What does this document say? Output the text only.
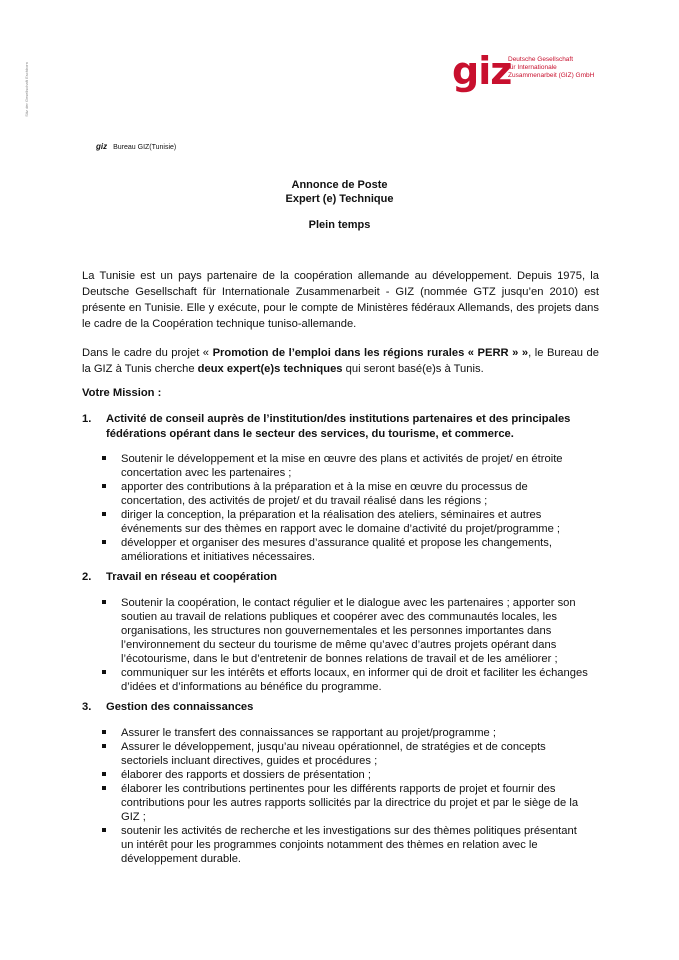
Sitz der Gesellschaft Eschborn	giz
Deutsche Gesellschaft
für Internationale
Zusammenarbeit (GIZ) GmbH
giz Bureau GIZ(Tunisie)
Annonce de Poste
Expert (e) Technique
Plein temps
La Tunisie est un pays partenaire de la coopération allemande au développement. Depuis 1975, la Deutsche Gesellschaft für Internationale Zusammenarbeit - GIZ (nommée GTZ jusqu’en 2010) est présente en Tunisie. Elle y exécute, pour le compte de Ministères fédéraux Allemands, des projets dans le cadre de la Coopération technique tuniso-allemande.
Dans le cadre du projet « Promotion de l’emploi dans les régions rurales « PERR » », le Bureau de la GIZ à Tunis cherche deux expert(e)s techniques qui seront basé(e)s à Tunis.
Votre Mission :
1. Activité de conseil auprès de l’institution/des institutions partenaires et des principales fédérations opérant dans le secteur des services, du tourisme, et commerce.
Soutenir le développement et la mise en œuvre des plans et activités de projet/ en étroite concertation avec les partenaires ;
apporter des contributions à la préparation et à la mise en œuvre du processus de concertation, des activités de projet/ et du travail réalisé dans les régions ;
diriger la conception, la préparation et la réalisation des ateliers, séminaires et autres événements sur des thèmes en rapport avec le domaine d’activité du projet/programme ;
développer et organiser des mesures d’assurance qualité et propose les changements, améliorations et initiatives nécessaires.
2. Travail en réseau et coopération
Soutenir la coopération, le contact régulier et le dialogue avec les partenaires ; apporter son soutien au travail de relations publiques et coopérer avec des communautés locales, les organisations, les structures non gouvernementales et les personnes importantes dans l’environnement du secteur du tourisme de même qu’avec d’autres projets opérant dans l’écotourisme, dans le but d’entretenir de bonnes relations de travail et de les améliorer ;
communiquer sur les intérêts et efforts locaux, en informer qui de droit et faciliter les échanges d’idées et d’informations au bénéfice du programme.
3. Gestion des connaissances
Assurer le transfert des connaissances se rapportant au projet/programme ;
Assurer le développement, jusqu’au niveau opérationnel, de stratégies et de concepts sectoriels incluant directives, guides et procédures ;
élaborer des rapports et dossiers de présentation ;
élaborer les contributions pertinentes pour les différents rapports de projet et fournir des contributions pour les autres rapports sollicités par la directrice du projet et par le siège de la GIZ ;
soutenir les activités de recherche et les investigations sur des thèmes politiques présentant un intérêt pour les programmes conjoints notamment des thèmes en relation avec le développement durable.
